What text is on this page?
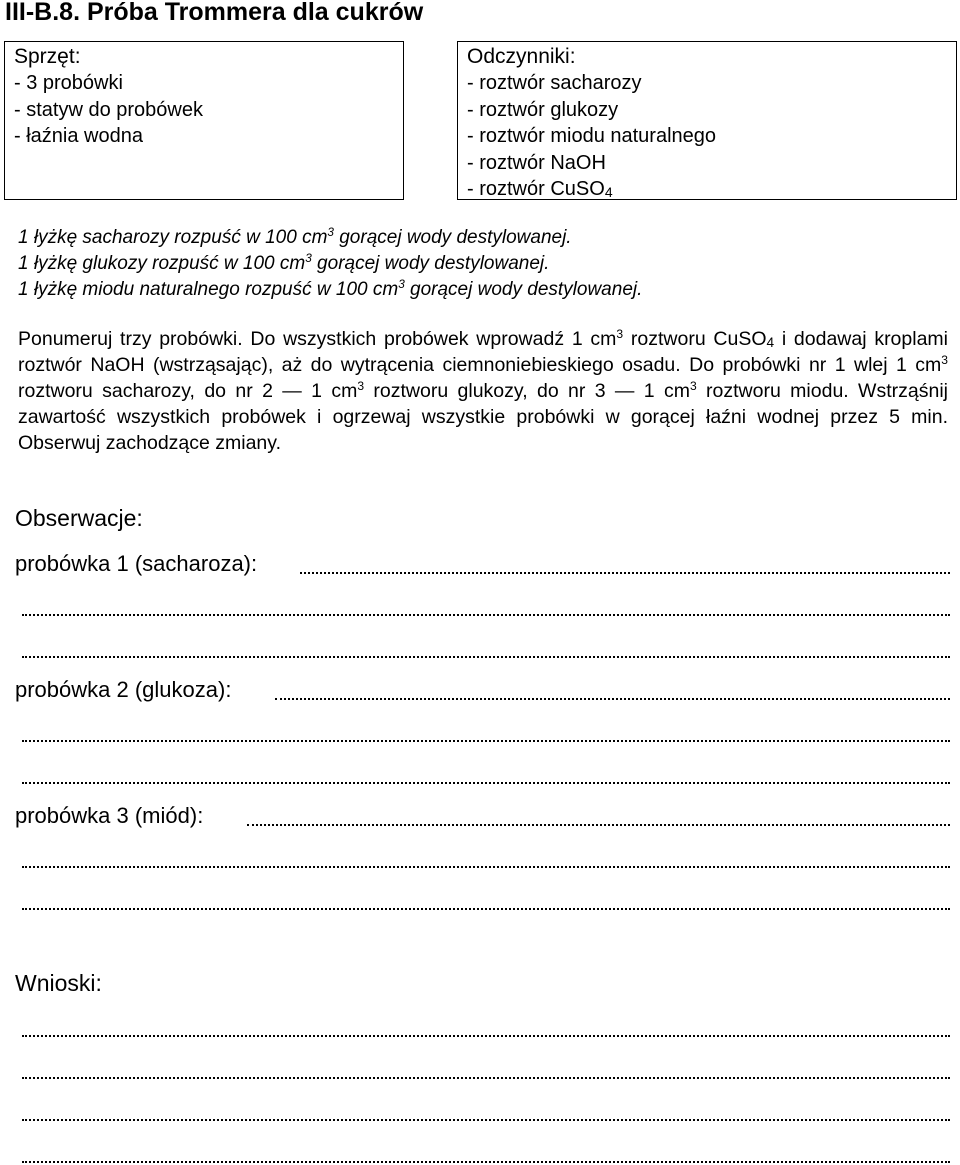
III-B.8. Próba Trommera dla cukrów
Sprzęt:
- 3 probówki
- statyw do probówek
- łaźnia wodna
Odczynniki:
- roztwór sacharozy
- roztwór glukozy
- roztwór miodu naturalnego
- roztwór NaOH
- roztwór CuSO$_4$
1 łyżkę sacharozy rozpuść w 100 $cm^3$ gorącej wody destylowanej.
1 łyżkę glukozy rozpuść w 100 $cm^3$ gorącej wody destylowanej.
1 łyżkę miodu naturalnego rozpuść w 100 $cm^3$ gorącej wody destylowanej.

Ponumeruj trzy probówki. Do wszystkich probówek wprowadź 1 $cm^3$ roztworu CuSO$_4$ i dodawaj kroplami roztwór NaOH (wstrząsając), aż do wytrącenia ciemnoniebieskiego osadu. Do probówki nr 1 wlej 1 $cm^3$ roztworu sacharozy, do nr 2 — 1 $cm^3$ roztworu glukozy, do nr 3 — 1 $cm^3$ roztworu miodu. Wstrząśnij zawartość wszystkich probówek i ogrzewaj wszystkie probówki w gorącej łaźni wodnej przez 5 min. Obserwuj zachodzące zmiany.

Obserwacje:
probówka 1 (sacharoza):
probówka 2 (glukoza):
probówka 3 (miód):
Wnioski:
